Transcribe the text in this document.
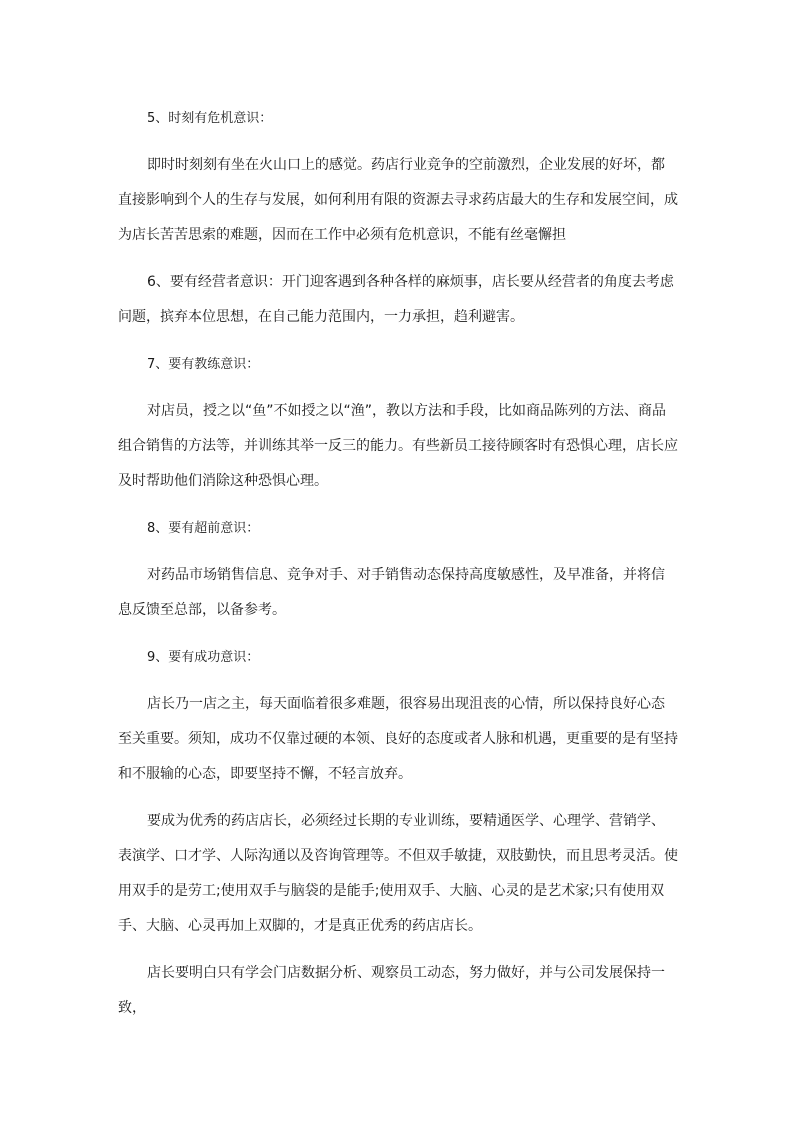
5、时刻有危机意识：

即时时刻刻有坐在火山口上的感觉。药店行业竞争的空前激烈，企业发展的好坏，都直接影响到个人的生存与发展，如何利用有限的资源去寻求药店最大的生存和发展空间，成为店长苦苦思索的难题，因而在工作中必须有危机意识，不能有丝毫懈担

6、要有经营者意识：开门迎客遇到各种各样的麻烦事，店长要从经营者的角度去考虑问题，摈弃本位思想，在自己能力范围内，一力承担，趋利避害。

7、要有教练意识：

对店员，授之以“鱼”不如授之以“渔”，教以方法和手段，比如商品陈列的方法、商品组合销售的方法等，并训练其举一反三的能力。有些新员工接待顾客时有恐惧心理，店长应及时帮助他们消除这种恐惧心理。

8、要有超前意识：

对药品市场销售信息、竞争对手、对手销售动态保持高度敏感性，及早准备，并将信息反馈至总部，以备参考。

9、要有成功意识：

店长乃一店之主，每天面临着很多难题，很容易出现沮丧的心情，所以保持良好心态至关重要。须知，成功不仅靠过硬的本领、良好的态度或者人脉和机遇，更重要的是有坚持和不服输的心态，即要坚持不懈，不轻言放弃。

要成为优秀的药店店长，必须经过长期的专业训练，要精通医学、心理学、营销学、表演学、口才学、人际沟通以及咨询管理等。不但双手敏捷，双肢勤快，而且思考灵活。使用双手的是劳工;使用双手与脑袋的是能手;使用双手、大脑、心灵的是艺术家;只有使用双手、大脑、心灵再加上双脚的，才是真正优秀的药店店长。

店长要明白只有学会门店数据分析、观察员工动态，努力做好，并与公司发展保持一致，
